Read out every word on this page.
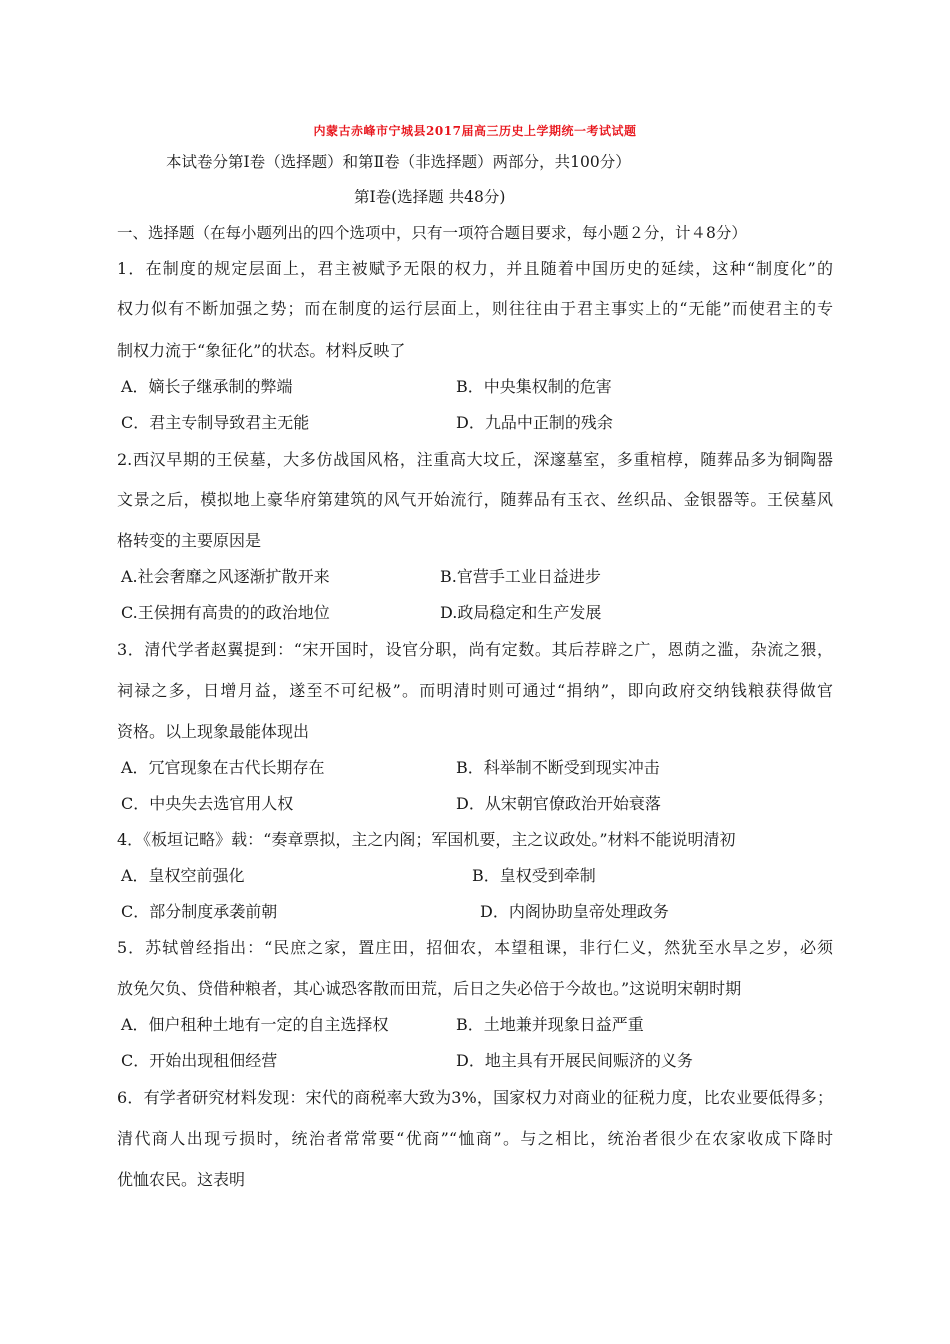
内蒙古赤峰市宁城县2017届高三历史上学期统一考试试题
本试卷分第Ⅰ卷（选择题）和第Ⅱ卷（非选择题）两部分，共100分）
第Ⅰ卷(选择题 共48分)
一、选择题（在每小题列出的四个选项中，只有一项符合题目要求，每小题２分，计４8分）
1．在制度的规定层面上，君主被赋予无限的权力，并且随着中国历史的延续，这种“制度化”的
权力似有不断加强之势；而在制度的运行层面上，则往往由于君主事实上的“无能”而使君主的专
制权力流于“象征化”的状态。材料反映了
A．嫡长子继承制的弊端	B．中央集权制的危害
C．君主专制导致君主无能	D．九品中正制的残余
2.西汉早期的王侯墓，大多仿战国风格，注重高大坟丘，深邃墓室，多重棺椁，随葬品多为铜陶器
文景之后，模拟地上豪华府第建筑的风气开始流行，随葬品有玉衣、丝织品、金银器等。王侯墓风
格转变的主要原因是
A.社会奢靡之风逐渐扩散开来	B.官营手工业日益进步
C.王侯拥有高贵的的政治地位	D.政局稳定和生产发展
3．清代学者赵翼提到：“宋开国时，设官分职，尚有定数。其后荐辟之广，恩荫之滥，杂流之猥，
祠禄之多，日增月益，遂至不可纪极”。而明清时则可通过“捐纳”，即向政府交纳钱粮获得做官
资格。以上现象最能体现出
A．冗官现象在古代长期存在	B．科举制不断受到现实冲击
C．中央失去选官用人权	D．从宋朝官僚政治开始衰落
4．《板垣记略》载：“奏章票拟，主之内阁；军国机要，主之议政处。”材料不能说明清初
A．皇权空前强化	B．皇权受到牵制
C．部分制度承袭前朝	D．内阁协助皇帝处理政务
5．苏轼曾经指出：“民庶之家，置庄田，招佃农，本望租课，非行仁义，然犹至水旱之岁，必须
放免欠负、贷借种粮者，其心诚恐客散而田荒，后日之失必倍于今故也。”这说明宋朝时期
A．佃户租种土地有一定的自主选择权	B．土地兼并现象日益严重
C．开始出现租佃经营	D．地主具有开展民间赈济的义务
6．有学者研究材料发现：宋代的商税率大致为3%，国家权力对商业的征税力度，比农业要低得多；
清代商人出现亏损时，统治者常常要“优商”“恤商”。与之相比，统治者很少在农家收成下降时
优恤农民。这表明
